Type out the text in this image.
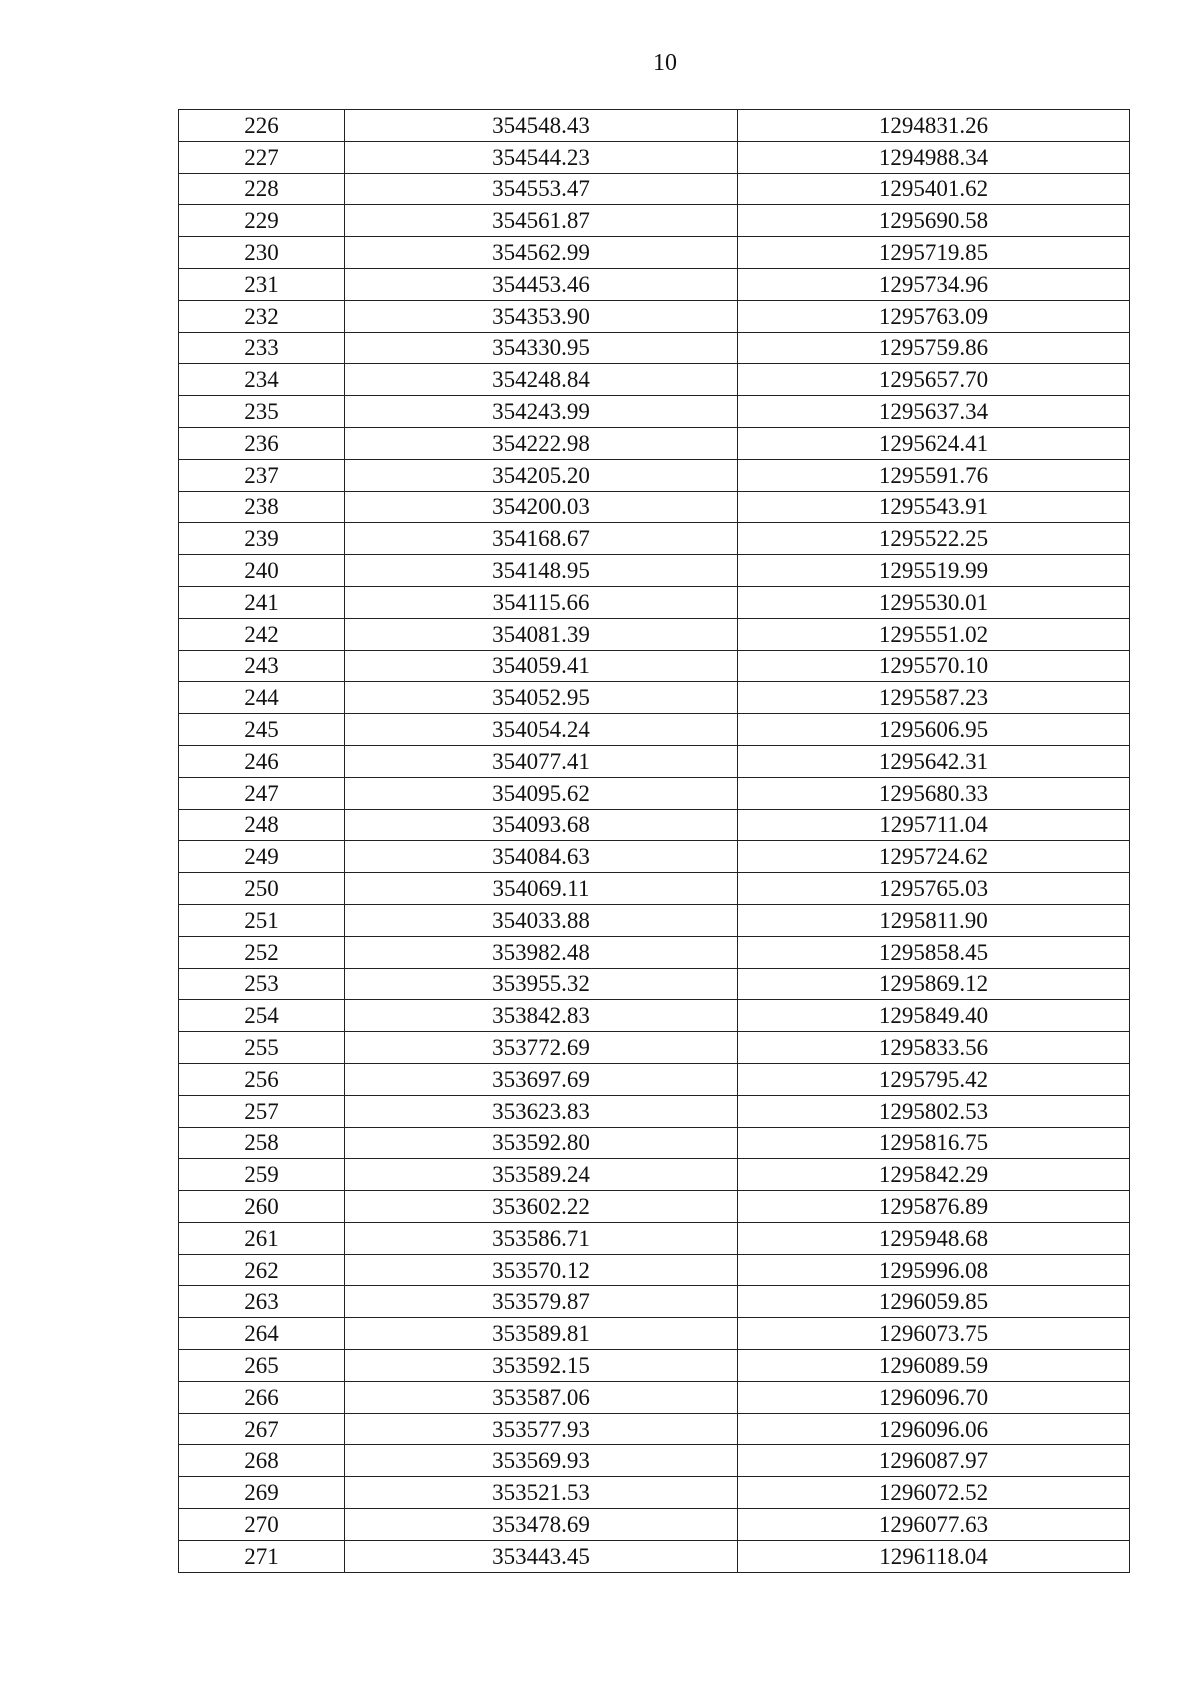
10
226	354548.43	1294831.26
227	354544.23	1294988.34
228	354553.47	1295401.62
229	354561.87	1295690.58
230	354562.99	1295719.85
231	354453.46	1295734.96
232	354353.90	1295763.09
233	354330.95	1295759.86
234	354248.84	1295657.70
235	354243.99	1295637.34
236	354222.98	1295624.41
237	354205.20	1295591.76
238	354200.03	1295543.91
239	354168.67	1295522.25
240	354148.95	1295519.99
241	354115.66	1295530.01
242	354081.39	1295551.02
243	354059.41	1295570.10
244	354052.95	1295587.23
245	354054.24	1295606.95
246	354077.41	1295642.31
247	354095.62	1295680.33
248	354093.68	1295711.04
249	354084.63	1295724.62
250	354069.11	1295765.03
251	354033.88	1295811.90
252	353982.48	1295858.45
253	353955.32	1295869.12
254	353842.83	1295849.40
255	353772.69	1295833.56
256	353697.69	1295795.42
257	353623.83	1295802.53
258	353592.80	1295816.75
259	353589.24	1295842.29
260	353602.22	1295876.89
261	353586.71	1295948.68
262	353570.12	1295996.08
263	353579.87	1296059.85
264	353589.81	1296073.75
265	353592.15	1296089.59
266	353587.06	1296096.70
267	353577.93	1296096.06
268	353569.93	1296087.97
269	353521.53	1296072.52
270	353478.69	1296077.63
271	353443.45	1296118.04
